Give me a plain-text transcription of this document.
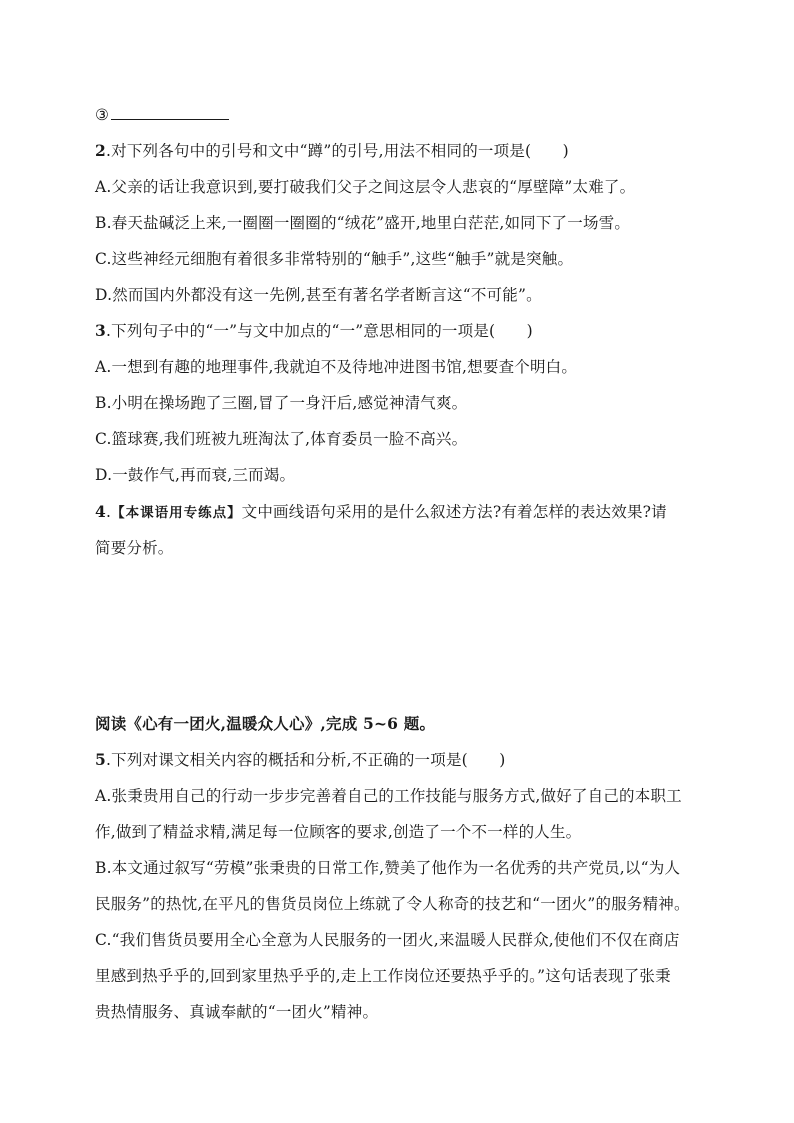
③
2.对下列各句中的引号和文中“蹲”的引号,用法不相同的一项是(　　)
A.父亲的话让我意识到,要打破我们父子之间这层令人悲哀的“厚壁障”太难了。
B.春天盐碱泛上来,一圈圈一圈圈的“绒花”盛开,地里白茫茫,如同下了一场雪。
C.这些神经元细胞有着很多非常特别的“触手”,这些“触手”就是突触。
D.然而国内外都没有这一先例,甚至有著名学者断言这“不可能”。
3.下列句子中的“一”与文中加点的“一”意思相同的一项是(　　)
A.一想到有趣的地理事件,我就迫不及待地冲进图书馆,想要查个明白。
B.小明在操场跑了三圈,冒了一身汗后,感觉神清气爽。
C.篮球赛,我们班被九班淘汰了,体育委员一脸不高兴。
D.一鼓作气,再而衰,三而竭。
4.【本课语用专练点】文中画线语句采用的是什么叙述方法?有着怎样的表达效果?请
简要分析。
阅读《心有一团火,温暖众人心》,完成 5~6 题。
5.下列对课文相关内容的概括和分析,不正确的一项是(　　)
A.张秉贵用自己的行动一步步完善着自己的工作技能与服务方式,做好了自己的本职工
作,做到了精益求精,满足每一位顾客的要求,创造了一个不一样的人生。
B.本文通过叙写“劳模”张秉贵的日常工作,赞美了他作为一名优秀的共产党员,以“为人
民服务”的热忱,在平凡的售货员岗位上练就了令人称奇的技艺和“一团火”的服务精神。
C.“我们售货员要用全心全意为人民服务的一团火,来温暖人民群众,使他们不仅在商店
里感到热乎乎的,回到家里热乎乎的,走上工作岗位还要热乎乎的。”这句话表现了张秉
贵热情服务、真诚奉献的“一团火”精神。
